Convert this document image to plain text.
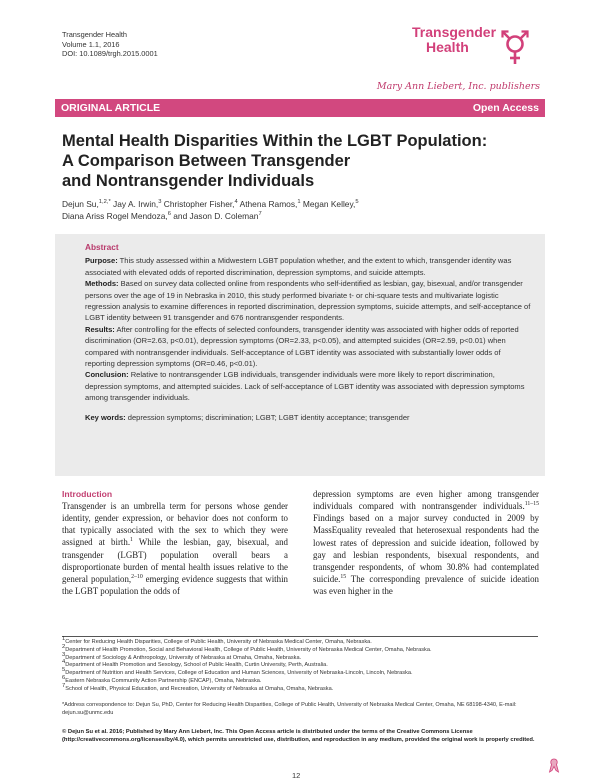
Transgender Health
Volume 1.1, 2016
DOI: 10.1089/trgh.2015.0001
Transgender
Health
Mary Ann Liebert, Inc. publishers
ORIGINAL ARTICLE	Open Access
Mental Health Disparities Within the LGBT Population:
A Comparison Between Transgender
and Nontransgender Individuals
Dejun Su,$^{1,2,*}$ Jay A. Irwin,$^3$ Christopher Fisher,$^4$ Athena Ramos,$^1$ Megan Kelley,$^5$
Diana Ariss Rogel Mendoza,$^6$ and Jason D. Coleman$^7$
Abstract

Purpose: This study assessed within a Midwestern LGBT population whether, and the extent to which, transgender identity was associated with elevated odds of reported discrimination, depression symptoms, and suicide attempts.

Methods: Based on survey data collected online from respondents who self-identified as lesbian, gay, bisexual, and/or transgender persons over the age of 19 in Nebraska in 2010, this study performed bivariate t- or chi-square tests and multivariate logistic regression analysis to examine differences in reported discrimination, depression symptoms, suicide attempts, and self-acceptance of LGBT identity between 91 transgender and 676 nontransgender respondents.

Results: After controlling for the effects of selected confounders, transgender identity was associated with higher odds of reported discrimination (OR=2.63, p<0.01), depression symptoms (OR=2.33, p<0.05), and attempted suicides (OR=2.59, p<0.01) when compared with nontransgender individuals. Self-acceptance of LGBT identity was associated with substantially lower odds of reporting depression symptoms (OR=0.46, p<0.01).

Conclusion: Relative to nontransgender LGB individuals, transgender individuals were more likely to report discrimination, depression symptoms, and attempted suicides. Lack of self-acceptance of LGBT identity was associated with depression symptoms among transgender individuals.

Key words: depression symptoms; discrimination; LGBT; LGBT identity acceptance; transgender

Introduction
Transgender is an umbrella term for persons whose gender identity, gender expression, or behavior does not conform to that typically associated with the sex to which they were assigned at birth.$^1$ While the lesbian, gay, bisexual, and transgender (LGBT) population overall bears a disproportionate burden of mental health issues relative to the general population,$^{2-10}$ emerging evidence suggests that within the LGBT population the odds of
depression symptoms are even higher among transgender individuals compared with nontransgender individuals.$^{11-15}$ Findings based on a major survey conducted in 2009 by MassEquality revealed that heterosexual respondents had the lowest rates of depression and suicide ideation, followed by gay and lesbian respondents, bisexual respondents, and transgender respondents, of whom 30.8% had contemplated suicide.$^{15}$ The corresponding prevalence of suicide ideation was even higher in the
$^1$Center for Reducing Health Disparities, College of Public Health, University of Nebraska Medical Center, Omaha, Nebraska.
$^2$Department of Health Promotion, Social and Behavioral Health, College of Public Health, University of Nebraska Medical Center, Omaha, Nebraska.
$^3$Department of Sociology & Anthropology, University of Nebraska at Omaha, Omaha, Nebraska.
$^4$Department of Health Promotion and Sexology, School of Public Health, Curtin University, Perth, Australia.
$^5$Department of Nutrition and Health Services, College of Education and Human Sciences, University of Nebraska-Lincoln, Lincoln, Nebraska.
$^6$Eastern Nebraska Community Action Partnership (ENCAP), Omaha, Nebraska.
$^7$School of Health, Physical Education, and Recreation, University of Nebraska at Omaha, Omaha, Nebraska.
*Address correspondence to: Dejun Su, PhD, Center for Reducing Health Disparities, College of Public Health, University of Nebraska Medical Center, Omaha, NE 68198-4340, E-mail: dejun.su@unmc.edu
© Dejun Su et al. 2016; Published by Mary Ann Liebert, Inc. This Open Access article is distributed under the terms of the Creative Commons License (http://creativecommons.org/licenses/by/4.0), which permits unrestricted use, distribution, and reproduction in any medium, provided the original work is properly credited.
12
